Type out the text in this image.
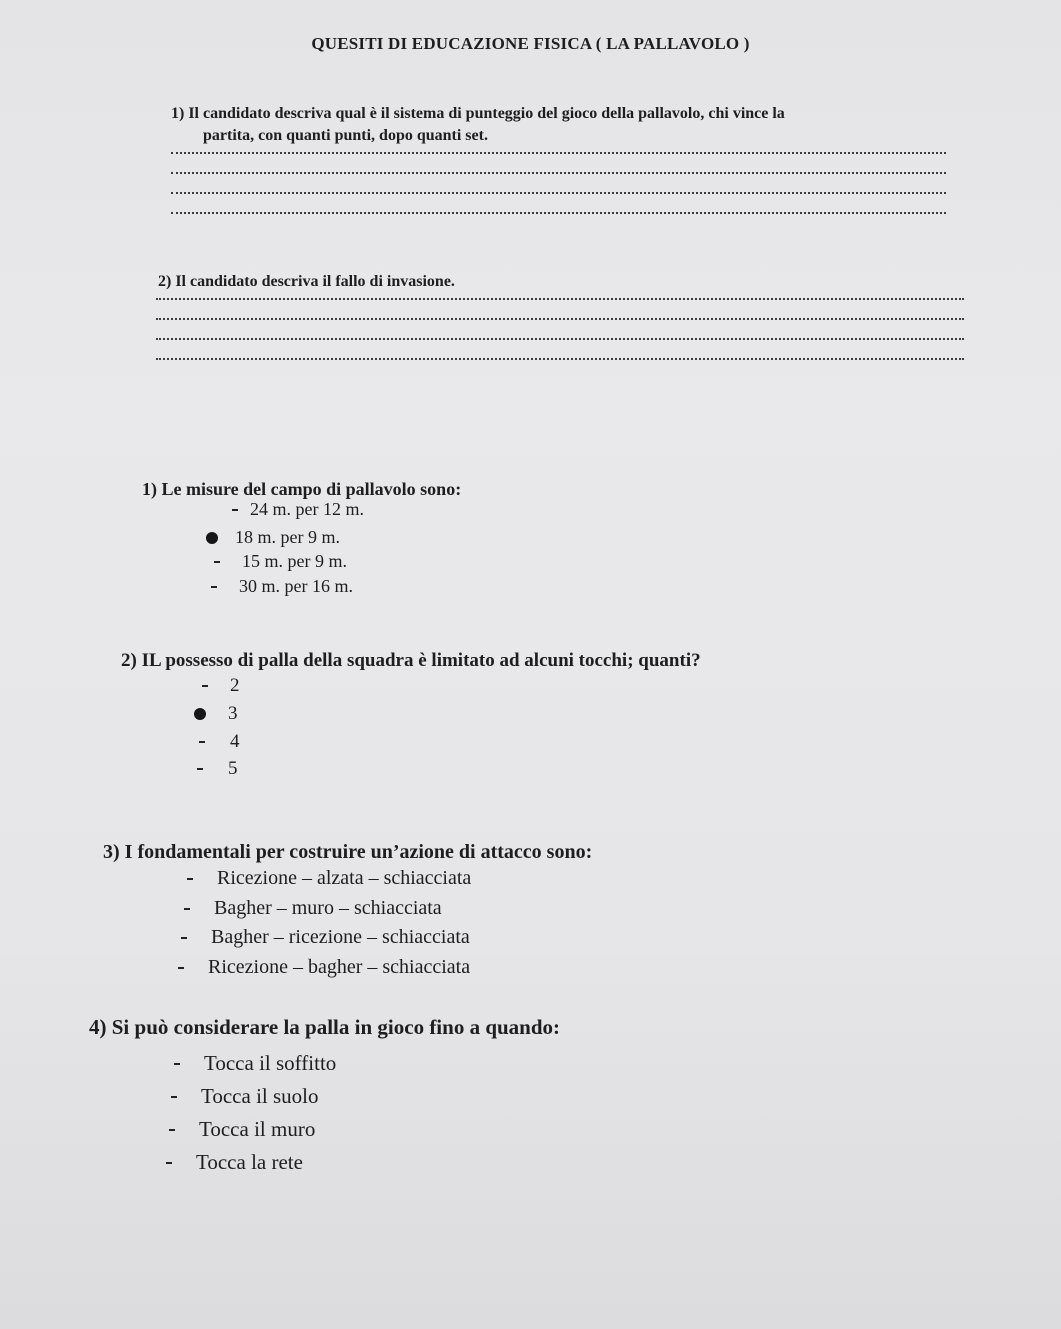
QUESITI DI EDUCAZIONE FISICA ( LA PALLAVOLO )
1) Il candidato descriva qual è il sistema di punteggio del gioco della pallavolo, chi vince la
partita, con quanti punti, dopo quanti set.
2) Il candidato descriva il fallo di invasione.
1) Le misure del campo di pallavolo sono:
24 m. per 12 m.
18 m. per 9 m.
15 m. per 9 m.
30 m. per 16 m.
2) IL possesso di palla della squadra è limitato ad alcuni tocchi; quanti?
2
3
4
5
3) I fondamentali per costruire un’azione di attacco sono:
Ricezione – alzata – schiacciata
Bagher – muro – schiacciata
Bagher – ricezione – schiacciata
Ricezione – bagher – schiacciata
4) Si può considerare la palla in gioco fino a quando:
Tocca il soffitto
Tocca il suolo
Tocca il muro
Tocca la rete
